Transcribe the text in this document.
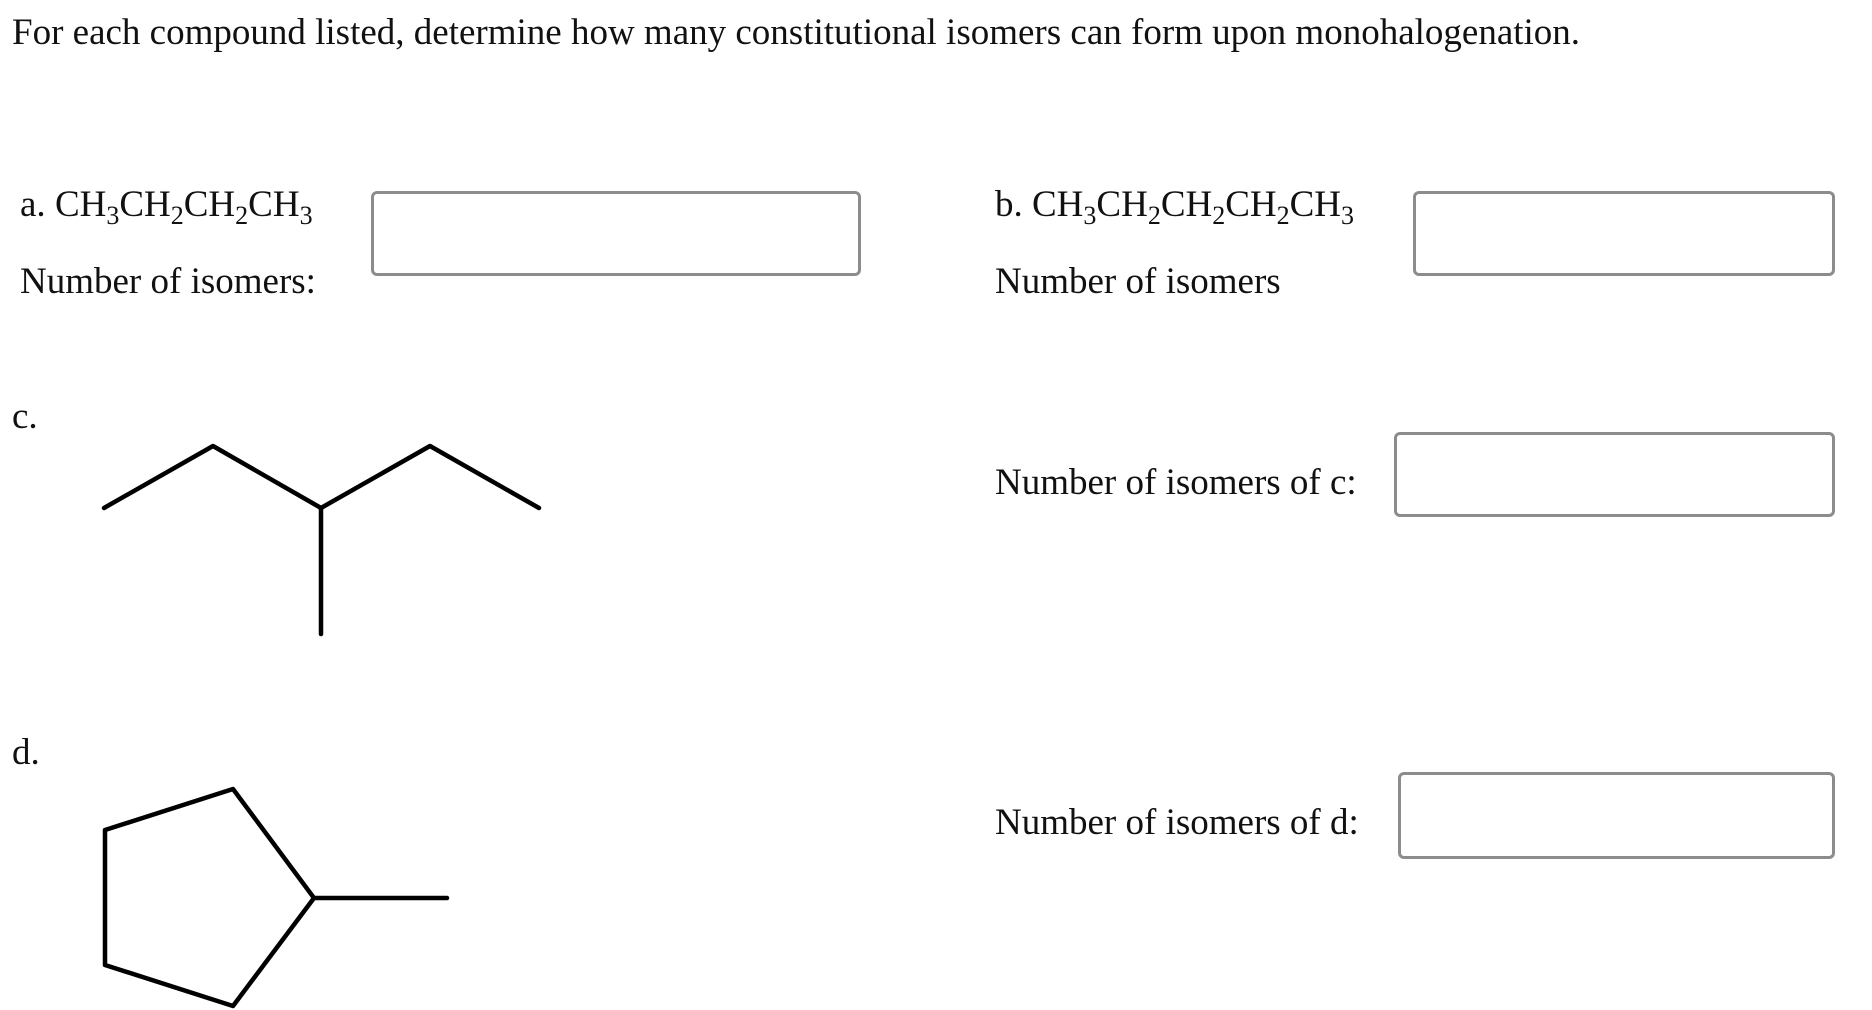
For each compound listed, determine how many constitutional isomers can form upon monohalogenation.
a. $CH_3CH_2CH_2CH_3$
Number of isomers:
b. $CH_3CH_2CH_2CH_2CH_3$
Number of isomers
c.
Number of isomers of c:
d.
Number of isomers of d:
